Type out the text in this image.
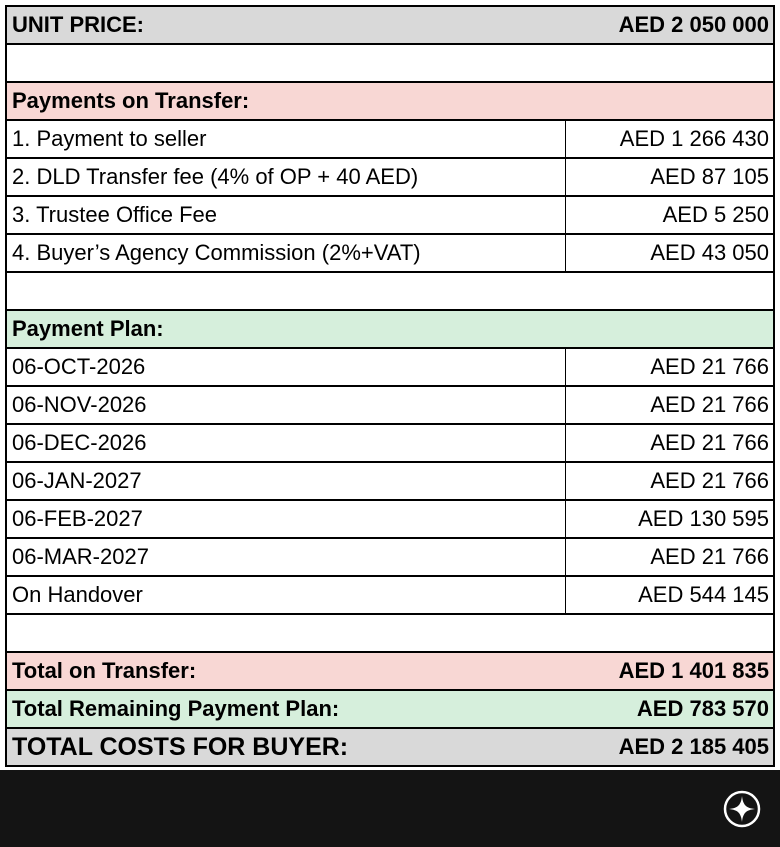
UNIT PRICE:	AED 2 050 000
Payments on Transfer:
1. Payment to seller	AED 1 266 430
2. DLD Transfer fee (4% of OP + 40 AED)	AED 87 105
3. Trustee Office Fee	AED 5 250
4. Buyer’s Agency Commission (2%+VAT)	AED 43 050
Payment Plan:
06-OCT-2026	AED 21 766
06-NOV-2026	AED 21 766
06-DEC-2026	AED 21 766
06-JAN-2027	AED 21 766
06-FEB-2027	AED 130 595
06-MAR-2027	AED 21 766
On Handover	AED 544 145
Total on Transfer:	AED 1 401 835
Total Remaining Payment Plan:	AED 783 570
TOTAL COSTS FOR BUYER:	AED 2 185 405
